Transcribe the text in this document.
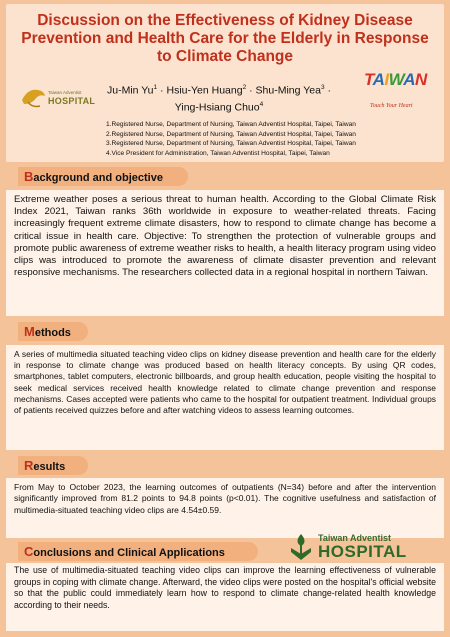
Discussion on the Effectiveness of Kidney Disease Prevention and Health Care for the Elderly in Response to Climate Change
Taiwan Adventist
HOSPITAL
Ju-Min $Yu^1$ · Hsiu-Yen Huang$^2$ · Shu-Ming Yea$^3$ ·
Ying-Hsiang Chuo$^4$
TAIWAN
Touch Your Heart
1.Registered Nurse, Department of Nursing, Taiwan Adventist Hospital, Taipei, Taiwan
2.Registered Nurse, Department of Nursing, Taiwan Adventist Hospital, Taipei, Taiwan
3.Registered Nurse, Department of Nursing, Taiwan Adventist Hospital, Taipei, Taiwan
4.Vice President for Administration, Taiwan Adventist Hospital, Taipei, Taiwan
Background and objective
Extreme weather poses a serious threat to human health. According to the Global Climate Risk Index 2021, Taiwan ranks 36th worldwide in exposure to weather-related threats. Facing increasingly frequent extreme climate disasters, how to respond to climate change has become a critical issue in health care. Objective: To strengthen the protection of vulnerable groups and promote public awareness of extreme weather risks to health, a health literacy program using video clips was introduced to promote the awareness of climate disaster prevention and relevant responsive mechanisms. The researchers collected data in a regional hospital in northern Taiwan.
Methods
A series of multimedia situated teaching video clips on kidney disease prevention and health care for the elderly in response to climate change was produced based on health literacy concepts. By using QR codes, smartphones, tablet computers, electronic billboards, and group health education, people visiting the hospital to seek medical services received health knowledge related to climate change prevention and response mechanisms. Cases accepted were patients who came to the hospital for outpatient treatment. Individual groups of patients received quizzes before and after watching videos to assess learning outcomes.
Results
From May to October 2023, the learning outcomes of outpatients (N=34) before and after the intervention significantly improved from 81.2 points to 94.8 points (p<0.01). The cognitive usefulness and satisfaction of multimedia-situated teaching video clips are 4.54±0.59.
Conclusions and Clinical Applications
The use of multimedia-situated teaching video clips can improve the learning effectiveness of vulnerable groups in coping with climate change. Afterward, the video clips were posted on the hospital's official website so that the public could immediately learn how to respond to climate change-related health knowledge according to their needs.
Taiwan Adventist
HOSPITAL
